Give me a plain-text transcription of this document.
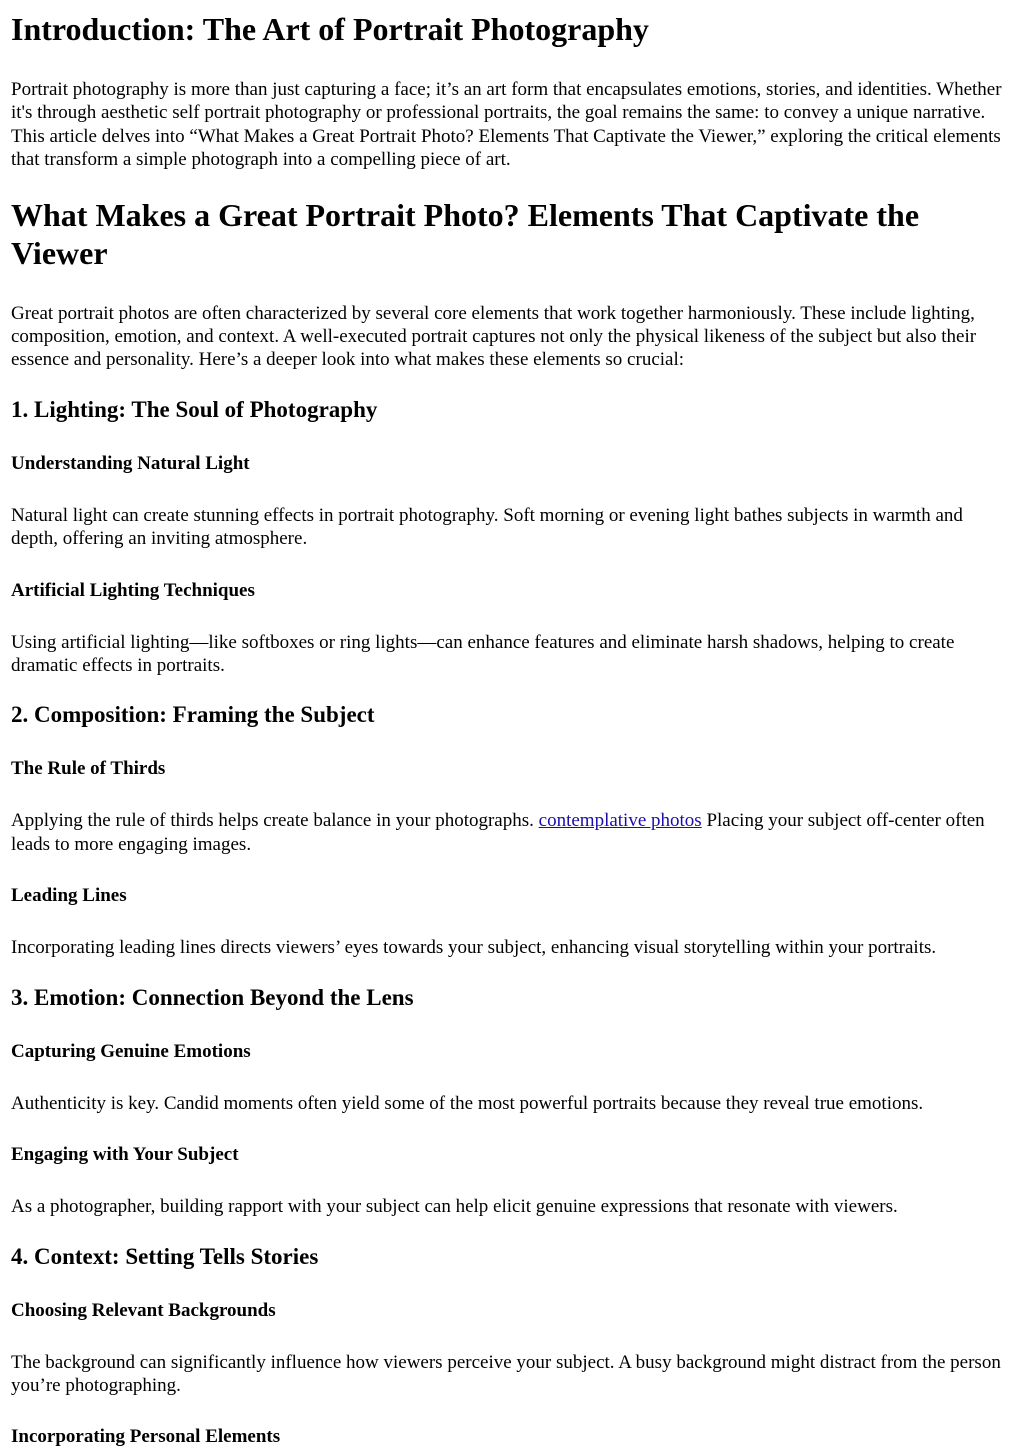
Introduction: The Art of Portrait Photography

Portrait photography is more than just capturing a face; it’s an art form that encapsulates emotions, stories, and identities. Whether it's through aesthetic self portrait photography or professional portraits, the goal remains the same: to convey a unique narrative. This article delves into “What Makes a Great Portrait Photo? Elements That Captivate the Viewer,” exploring the critical elements that transform a simple photograph into a compelling piece of art.

What Makes a Great Portrait Photo? Elements That Captivate the Viewer

Great portrait photos are often characterized by several core elements that work together harmoniously. These include lighting, composition, emotion, and context. A well-executed portrait captures not only the physical likeness of the subject but also their essence and personality. Here’s a deeper look into what makes these elements so crucial:

1. Lighting: The Soul of Photography
Understanding Natural Light

Natural light can create stunning effects in portrait photography. Soft morning or evening light bathes subjects in warmth and depth, offering an inviting atmosphere.

Artificial Lighting Techniques

Using artificial lighting—like softboxes or ring lights—can enhance features and eliminate harsh shadows, helping to create dramatic effects in portraits.

2. Composition: Framing the Subject
The Rule of Thirds

Applying the rule of thirds helps create balance in your photographs. contemplative photos Placing your subject off-center often leads to more engaging images.

Leading Lines

Incorporating leading lines directs viewers’ eyes towards your subject, enhancing visual storytelling within your portraits.

3. Emotion: Connection Beyond the Lens
Capturing Genuine Emotions

Authenticity is key. Candid moments often yield some of the most powerful portraits because they reveal true emotions.

Engaging with Your Subject

As a photographer, building rapport with your subject can help elicit genuine expressions that resonate with viewers.

4. Context: Setting Tells Stories
Choosing Relevant Backgrounds

The background can significantly influence how viewers perceive your subject. A busy background might distract from the person you’re photographing.

Incorporating Personal Elements
